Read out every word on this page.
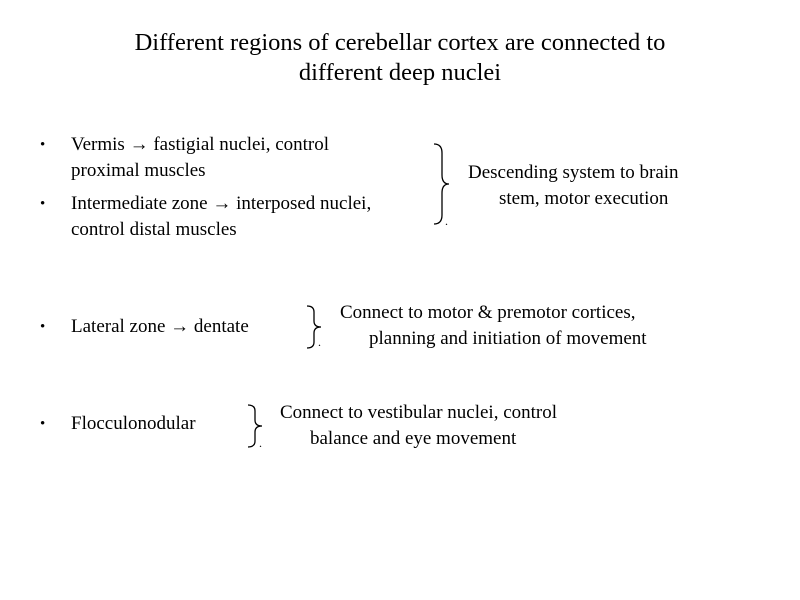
Different regions of cerebellar cortex are connected to different deep nuclei
• Vermis → fastigial nuclei, control
proximal muscles
• Intermediate zone → interposed nuclei,
control distal muscles	.
Descending system to brain
stem, motor execution
• Lateral zone → dentate
.
Connect to motor & premotor cortices,
planning and initiation of movement
• Flocculonodular
.
Connect to vestibular nuclei, control
balance and eye movement
